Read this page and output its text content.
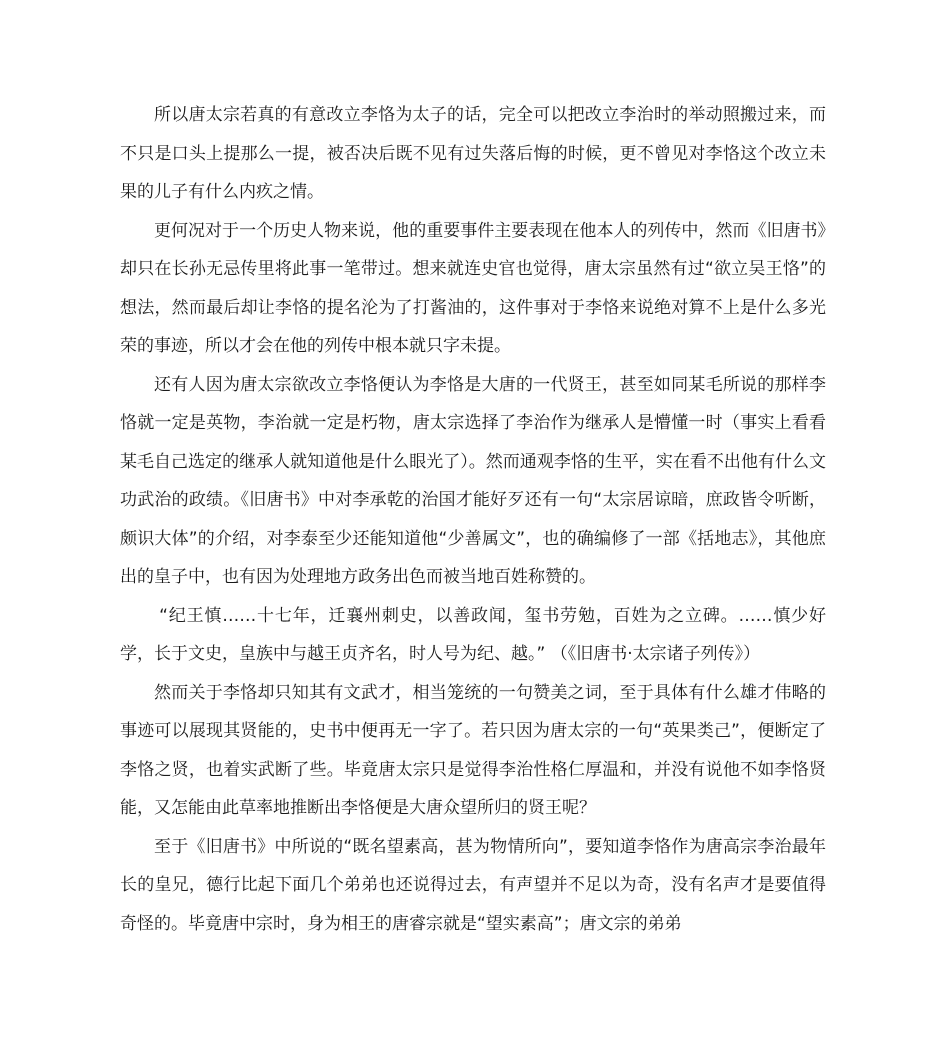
所以唐太宗若真的有意改立李恪为太子的话，完全可以把改立李治时的举动照搬过来，而不只是口头上提那么一提，被否决后既不见有过失落后悔的时候，更不曾见对李恪这个改立未果的儿子有什么内疚之情。

更何况对于一个历史人物来说，他的重要事件主要表现在他本人的列传中，然而《旧唐书》却只在长孙无忌传里将此事一笔带过。想来就连史官也觉得，唐太宗虽然有过“欲立吴王恪”的想法，然而最后却让李恪的提名沦为了打酱油的，这件事对于李恪来说绝对算不上是什么多光荣的事迹，所以才会在他的列传中根本就只字未提。

还有人因为唐太宗欲改立李恪便认为李恪是大唐的一代贤王，甚至如同某毛所说的那样李恪就一定是英物，李治就一定是朽物，唐太宗选择了李治作为继承人是懵懂一时（事实上看看某毛自己选定的继承人就知道他是什么眼光了）。然而通观李恪的生平，实在看不出他有什么文功武治的政绩。《旧唐书》中对李承乾的治国才能好歹还有一句“太宗居谅暗，庶政皆令听断，颇识大体”的介绍，对李泰至少还能知道他“少善属文”，也的确编修了一部《括地志》，其他庶出的皇子中，也有因为处理地方政务出色而被当地百姓称赞的。

“纪王慎……十七年，迁襄州刺史，以善政闻，玺书劳勉，百姓为之立碑。……慎少好学，长于文史，皇族中与越王贞齐名，时人号为纪、越。” （《旧唐书·太宗诸子列传》）

然而关于李恪却只知其有文武才，相当笼统的一句赞美之词，至于具体有什么雄才伟略的事迹可以展现其贤能的，史书中便再无一字了。若只因为唐太宗的一句“英果类己”，便断定了李恪之贤，也着实武断了些。毕竟唐太宗只是觉得李治性格仁厚温和，并没有说他不如李恪贤能，又怎能由此草率地推断出李恪便是大唐众望所归的贤王呢？

至于《旧唐书》中所说的“既名望素高，甚为物情所向”，要知道李恪作为唐高宗李治最年长的皇兄，德行比起下面几个弟弟也还说得过去，有声望并不足以为奇，没有名声才是要值得奇怪的。毕竟唐中宗时，身为相王的唐睿宗就是“望实素高”；唐文宗的弟弟
